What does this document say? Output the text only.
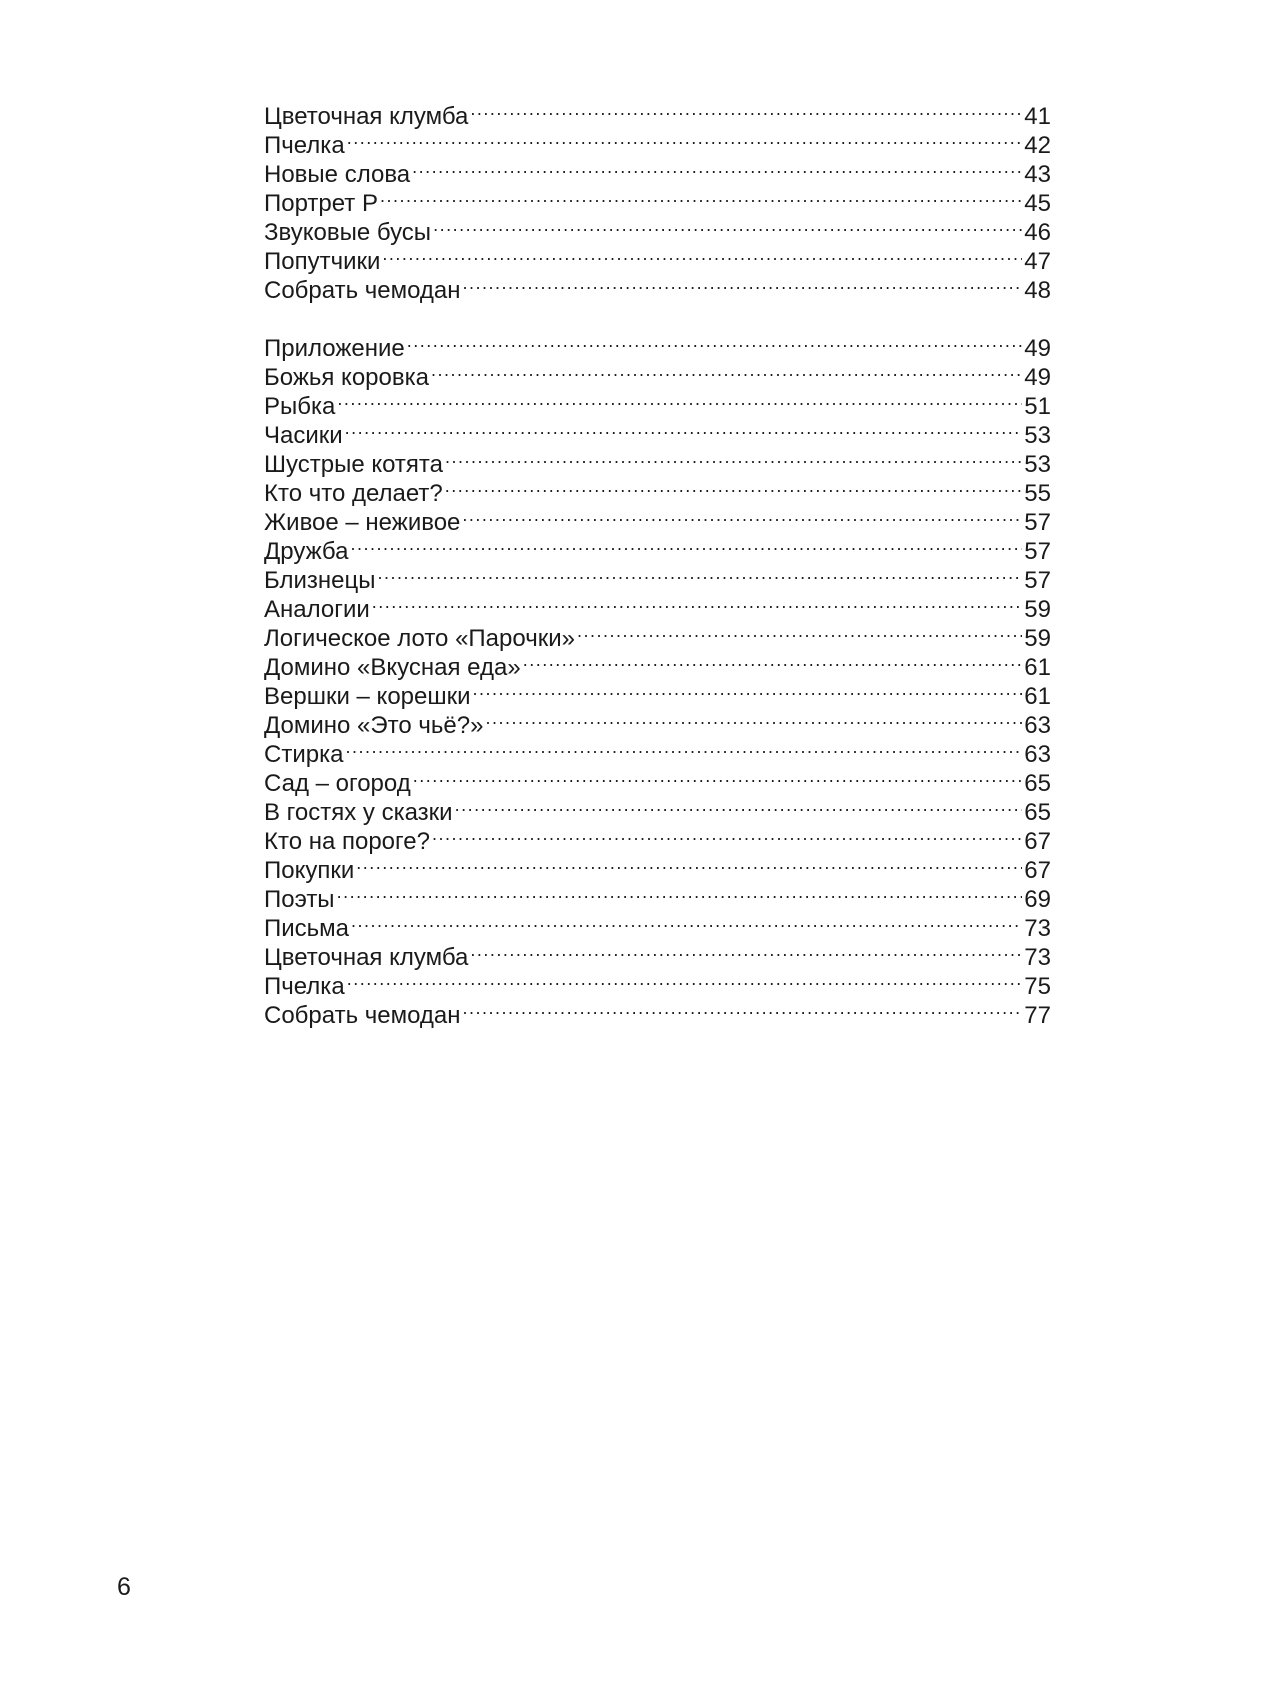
Цветочная клумба .....	41
Пчелка .....	42
Новые слова .....	43
Портрет Р .....	45
Звуковые бусы .....	46
Попутчики .....	47
Собрать чемодан .....	48
Приложение .....	49
Божья коровка .....	49
Рыбка .....	51
Часики .....	53
Шустрые котята .....	53
Кто что делает? .....	55
Живое – неживое .....	57
Дружба .....	57
Близнецы .....	57
Аналогии .....	59
Логическое лото «Парочки» .....	59
Домино «Вкусная еда» .....	61
Вершки – корешки .....	61
Домино «Это чьё?» .....	63
Стирка .....	63
Сад – огород .....	65
В гостях у сказки .....	65
Кто на пороге? .....	67
Покупки .....	67
Поэты .....	69
Письма .....	73
Цветочная клумба .....	73
Пчелка .....	75
Собрать чемодан .....	77
6
